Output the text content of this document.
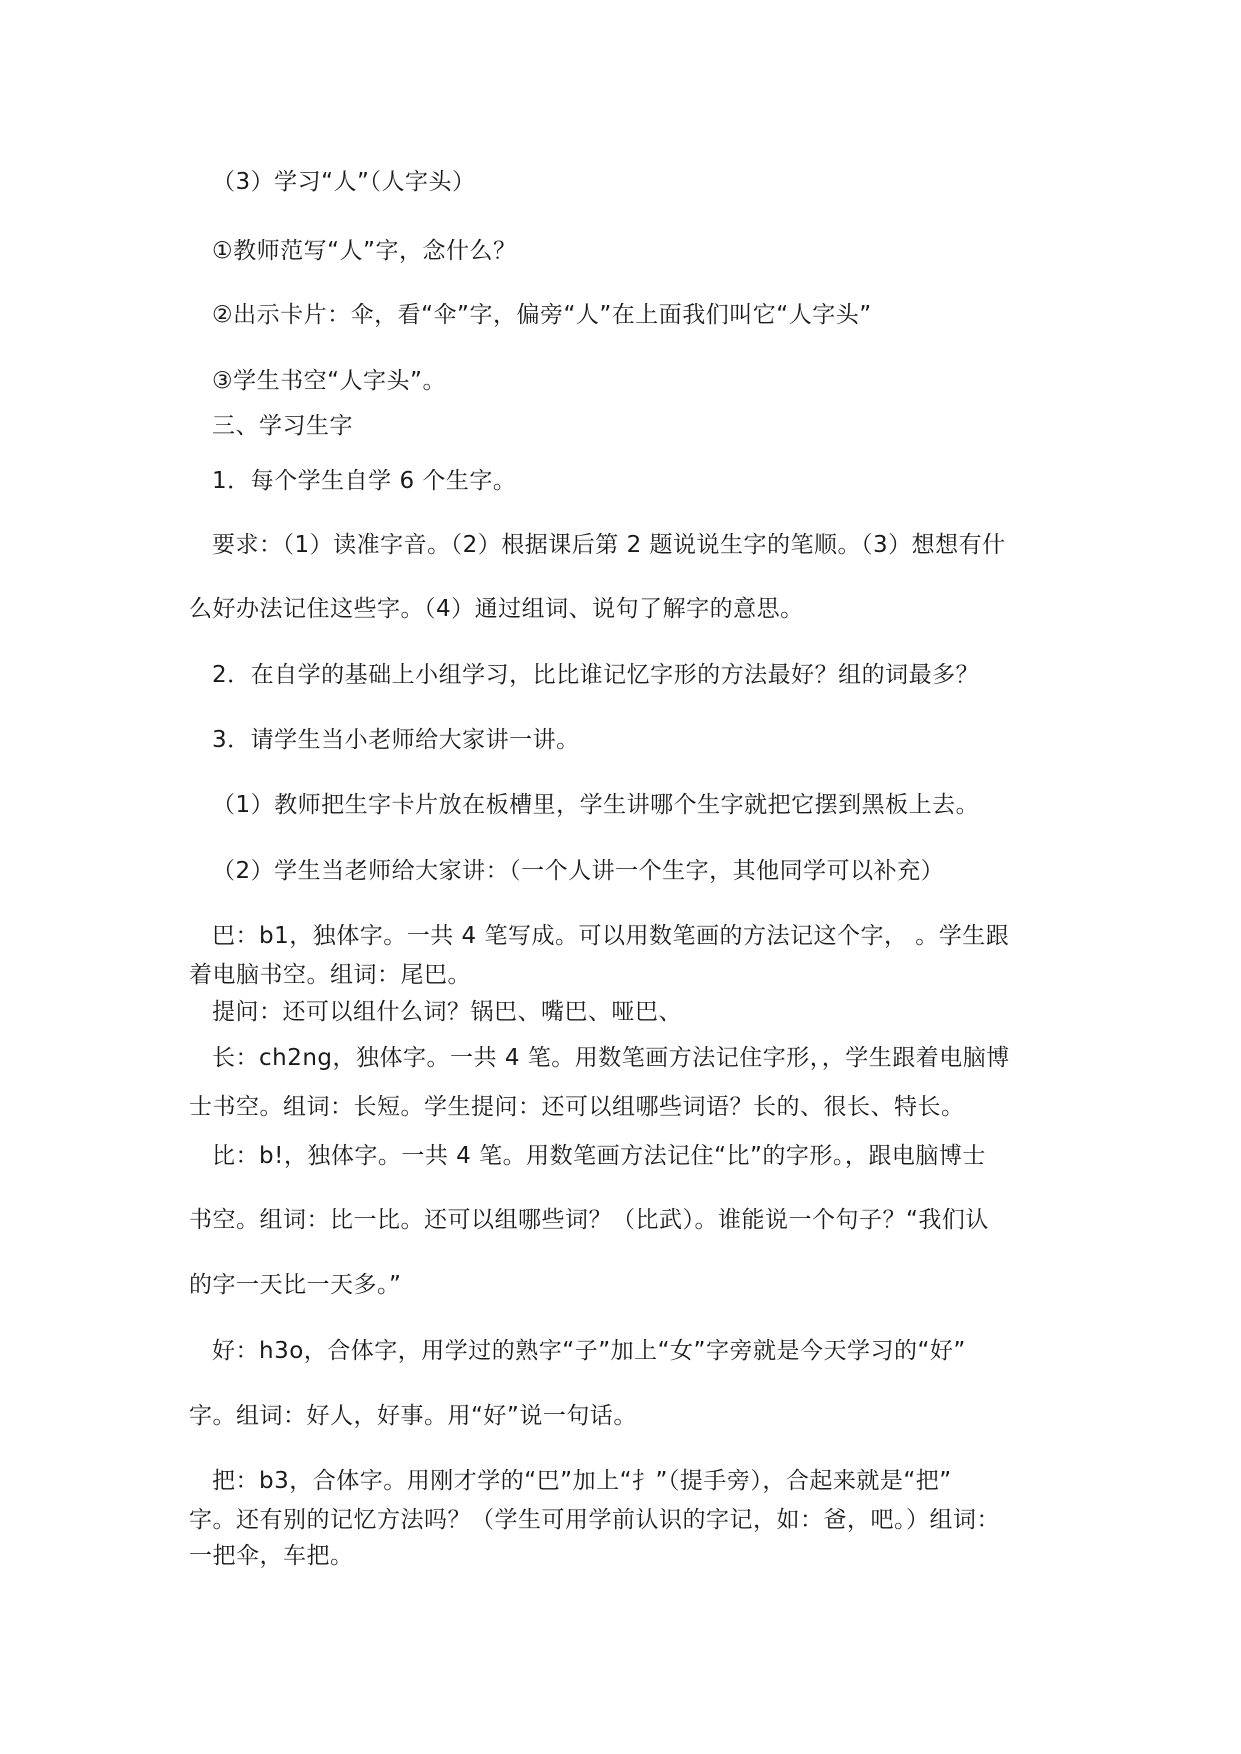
（3）学习“人”（人字头）
①教师范写“人”字，念什么？
②出示卡片：伞，看“伞”字，偏旁“人”在上面我们叫它“人字头”
③学生书空“人字头”。
三、学习生字
1．每个学生自学 6 个生字。
要求：（1）读准字音。（2）根据课后第 2 题说说生字的笔顺。（3）想想有什
么好办法记住这些字。（4）通过组词、说句了解字的意思。
2．在自学的基础上小组学习，比比谁记忆字形的方法最好？组的词最多？
3．请学生当小老师给大家讲一讲。
（1）教师把生字卡片放在板槽里，学生讲哪个生字就把它摆到黑板上去。
（2）学生当老师给大家讲：（一个人讲一个生字，其他同学可以补充）
巴：b1，独体字。一共 4 笔写成。可以用数笔画的方法记这个字， 。学生跟
着电脑书空。组词：尾巴。
提问：还可以组什么词？锅巴、嘴巴、哑巴、
长：ch2ng，独体字。一共 4 笔。用数笔画方法记住字形，，学生跟着电脑博
士书空。组词：长短。学生提问：还可以组哪些词语？长的、很长、特长。
比：b!，独体字。一共 4 笔。用数笔画方法记住“比”的字形。，跟电脑博士
书空。组词：比一比。还可以组哪些词？（比武）。谁能说一个句子？“我们认
的字一天比一天多。”
好：h3o，合体字，用学过的熟字“子”加上“女”字旁就是今天学习的“好”
字。组词：好人，好事。用“好”说一句话。
把：b3，合体字。用刚才学的“巴”加上“扌”（提手旁），合起来就是“把”
字。还有别的记忆方法吗？（学生可用学前认识的字记，如：爸，吧。）组词：
一把伞，车把。
